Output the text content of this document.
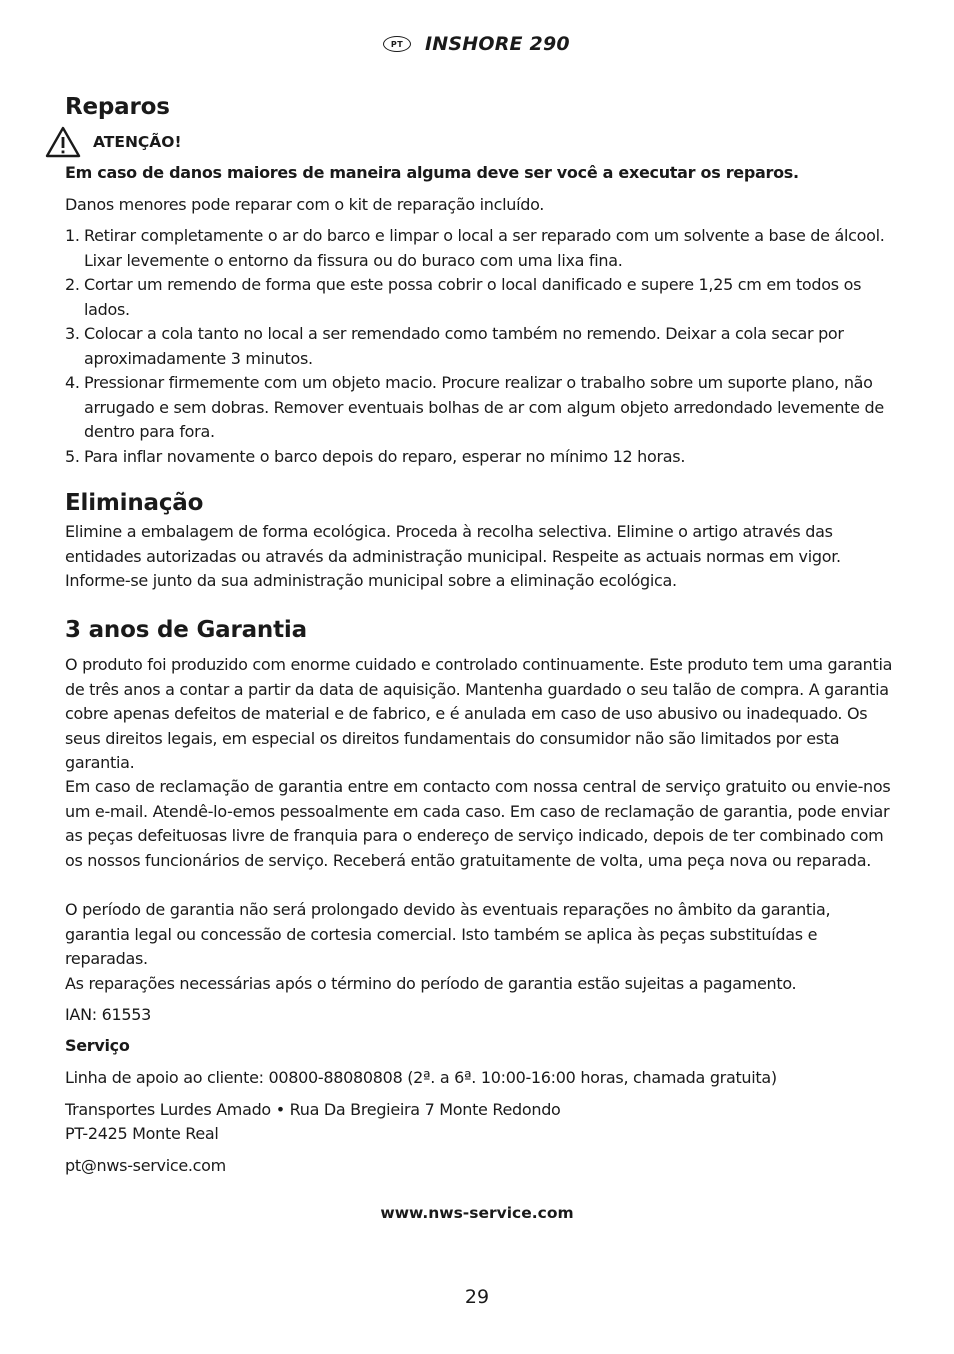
PT	INSHORE 290
Reparos
ATENÇÃO!

Em caso de danos maiores de maneira alguma deve ser você a executar os reparos.

Danos menores pode reparar com o kit de reparação incluído.

1. Retirar completamente o ar do barco e limpar o local a ser reparado com um solvente a base de álcool. Lixar levemente o entorno da fissura ou do buraco com uma lixa fina.
2. Cortar um remendo de forma que este possa cobrir o local danificado e supere 1,25 cm em todos os lados.
3. Colocar a cola tanto no local a ser remendado como também no remendo. Deixar a cola secar por aproximadamente 3 minutos.
4. Pressionar firmemente com um objeto macio. Procure realizar o trabalho sobre um suporte plano, não arrugado e sem dobras. Remover eventuais bolhas de ar com algum objeto arredondado levemente de dentro para fora.
5. Para inflar novamente o barco depois do reparo, esperar no mínimo 12 horas.
Eliminação

Elimine a embalagem de forma ecológica. Proceda à recolha selectiva. Elimine o artigo através das entidades autorizadas ou através da administração municipal. Respeite as actuais normas em vigor. Informe-se junto da sua administração municipal sobre a eliminação ecológica.

3 anos de Garantia

O produto foi produzido com enorme cuidado e controlado continuamente. Este produto tem uma garantia de três anos a contar a partir da data de aquisição. Mantenha guardado o seu talão de compra. A garantia cobre apenas defeitos de material e de fabrico, e é anulada em caso de uso abusivo ou inadequado. Os seus direitos legais, em especial os direitos fundamentais do consumidor não são limitados por esta garantia.

Em caso de reclamação de garantia entre em contacto com nossa central de serviço gratuito ou envie-nos um e-mail. Atendê-lo-emos pessoalmente em cada caso. Em caso de reclamação de garantia, pode enviar as peças defeituosas livre de franquia para o endereço de serviço indicado, depois de ter combinado com os nossos funcionários de serviço. Receberá então gratuitamente de volta, uma peça nova ou reparada.

O período de garantia não será prolongado devido às eventuais reparações no âmbito da garantia, garantia legal ou concessão de cortesia comercial. Isto também se aplica às peças substituídas e reparadas.

As reparações necessárias após o término do período de garantia estão sujeitas a pagamento.

IAN: 61553

Serviço

Linha de apoio ao cliente: 00800-88080808 (2ª. a 6ª. 10:00-16:00 horas, chamada gratuita)

Transportes Lurdes Amado • Rua Da Bregieira 7 Monte Redondo

PT-2425 Monte Real

pt@nws-service.com

www.nws-service.com
29
